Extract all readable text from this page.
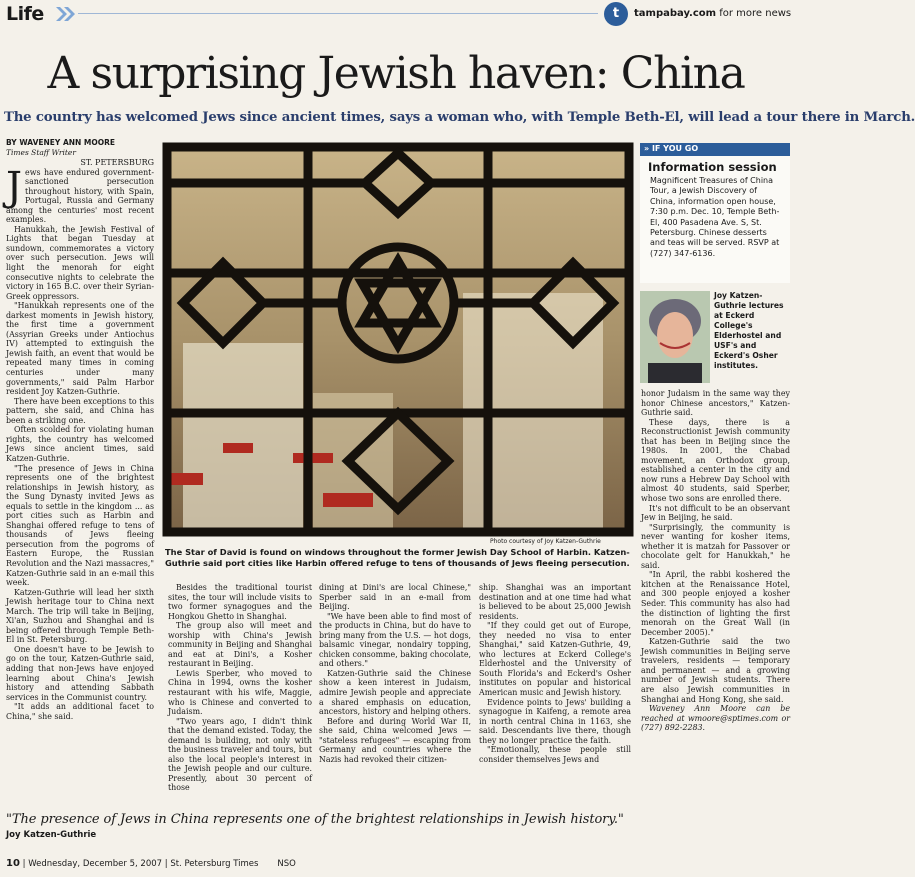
Life	t	tampabay.com for more news
A surprising Jewish haven: China
The country has welcomed Jews since ancient times, says a woman who, with Temple Beth-El, will lead a tour there in March.
BY WAVENEY ANN MOORE
Times Staff Writer
ST. PETERSBURG

Jews have endured government-sanctioned persecution throughout history, with Spain, Portugal, Russia and Germany among the centuries' most recent examples.

Hanukkah, the Jewish Festival of Lights that began Tuesday at sundown, commemorates a victory over such persecution. Jews will light the menorah for eight consecutive nights to celebrate the victory in 165 B.C. over their Syrian-Greek oppressors.

"Hanukkah represents one of the darkest moments in Jewish history, the first time a government (Assyrian Greeks under Antiochus IV) attempted to extinguish the Jewish faith, an event that would be repeated many times in coming centuries under many governments," said Palm Harbor resident Joy Katzen-Guthrie.

There have been exceptions to this pattern, she said, and China has been a striking one.

Often scolded for violating human rights, the country has welcomed Jews since ancient times, said Katzen-Guthrie.

"The presence of Jews in China represents one of the brightest relationships in Jewish history, as the Sung Dynasty invited Jews as equals to settle in the kingdom ... as port cities such as Harbin and Shanghai offered refuge to tens of thousands of Jews fleeing persecution from the pogroms of Eastern Europe, the Russian Revolution and the Nazi massacres," Katzen-Guthrie said in an e-mail this week.

Katzen-Guthrie will lead her sixth Jewish heritage tour to China next March. The trip will take in Beijing, Xi'an, Suzhou and Shanghai and is being offered through Temple Beth-El in St. Petersburg.

One doesn't have to be Jewish to go on the tour, Katzen-Guthrie said, adding that non-Jews have enjoyed learning about China's Jewish history and attending Sabbath services in the Communist country.

"It adds an additional facet to China," she said.

Photo courtesy of Joy Katzen-Guthrie
The Star of David is found on windows throughout the former Jewish Day School of Harbin. Katzen-Guthrie said port cities like Harbin offered refuge to tens of thousands of Jews fleeing persecution.
» IF YOU GO
Information session
Magnificent Treasures of China Tour, a Jewish Discovery of China, information open house, 7:30 p.m. Dec. 10, Temple Beth-El, 400 Pasadena Ave. S, St. Petersburg. Chinese desserts and teas will be served. RSVP at (727) 347-6136.
Joy Katzen-Guthrie lectures at Eckerd College's Elderhostel and USF's and Eckerd's Osher institutes.

Besides the traditional tourist sites, the tour will include visits to two former synagogues and the Hongkou Ghetto in Shanghai.

The group also will meet and worship with China's Jewish community in Beijing and Shanghai and eat at Dini's, a Kosher restaurant in Beijing.

Lewis Sperber, who moved to China in 1994, owns the kosher restaurant with his wife, Maggie, who is Chinese and converted to Judaism.

"Two years ago, I didn't think that the demand existed. Today, the demand is building, not only with the business traveler and tours, but also the local people's interest in the Jewish people and our culture. Presently, about 30 percent of those

dining at Dini's are local Chinese," Sperber said in an e-mail from Beijing.

"We have been able to find most of the products in China, but do have to bring many from the U.S. — hot dogs, balsamic vinegar, nondairy topping, chicken consomme, baking chocolate, and others."

Katzen-Guthrie said the Chinese show a keen interest in Judaism, admire Jewish people and appreciate a shared emphasis on education, ancestors, history and helping others.

Before and during World War II, she said, China welcomed Jews — "stateless refugees" — escaping from Germany and countries where the Nazis had revoked their citizen-

ship. Shanghai was an important destination and at one time had what is believed to be about 25,000 Jewish residents.

"If they could get out of Europe, they needed no visa to enter Shanghai," said Katzen-Guthrie, 49, who lectures at Eckerd College's Elderhostel and the University of South Florida's and Eckerd's Osher institutes on popular and historical American music and Jewish history.

Evidence points to Jews' building a synagogue in Kaifeng, a remote area in north central China in 1163, she said. Descendants live there, though they no longer practice the faith.

"Emotionally, these people still consider themselves Jews and

honor Judaism in the same way they honor Chinese ancestors," Katzen-Guthrie said.

These days, there is a Reconstructionist Jewish community that has been in Beijing since the 1980s. In 2001, the Chabad movement, an Orthodox group, established a center in the city and now runs a Hebrew Day School with almost 40 students, said Sperber, whose two sons are enrolled there.

It's not difficult to be an observant Jew in Beijing, he said.

"Surprisingly, the community is never wanting for kosher items, whether it is matzah for Passover or chocolate gelt for Hanukkah," he said.

"In April, the rabbi koshered the kitchen at the Renaissance Hotel, and 300 people enjoyed a kosher Seder. This community has also had the distinction of lighting the first menorah on the Great Wall (in December 2005)."

Katzen-Guthrie said the two Jewish communities in Beijing serve travelers, residents — temporary and permanent — and a growing number of Jewish students. There are also Jewish communities in Shanghai and Hong Kong, she said.

Waveney Ann Moore can be reached at wmoore@sptimes.com or (727) 892-2283.

"The presence of Jews in China represents one of the brightest relationships in Jewish history."
Joy Katzen-Guthrie
10 | Wednesday, December 5, 2007 | St. Petersburg Times NSO
